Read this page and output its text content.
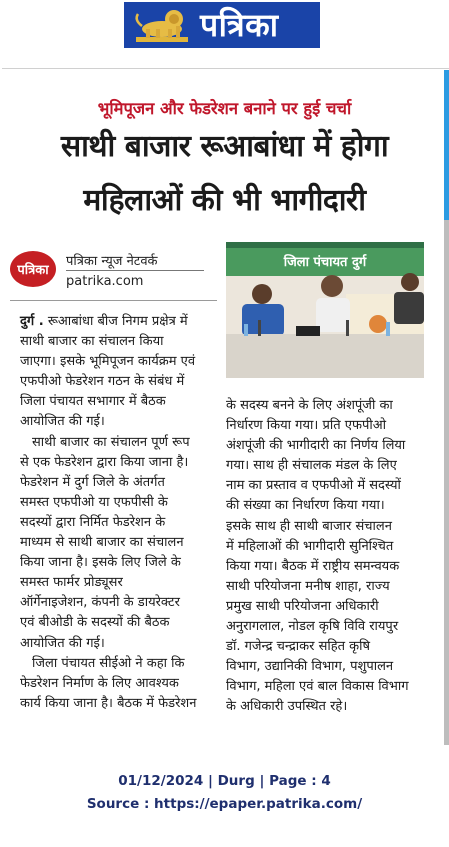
पत्रिका
भूमिपूजन और फेडरेशन बनाने पर हुई चर्चा
साथी बाजार रूआबांधा में होगा
महिलाओं की भी भागीदारी
पत्रिका
पत्रिका न्यूज नेटवर्क
patrika.com
जिला पंचायत दुर्ग

दुर्ग . रूआबांधा बीज निगम प्रक्षेत्र में

साथी बाजार का संचालन किया

जाएगा। इसके भूमिपूजन कार्यक्रम एवं

एफपीओ फेडरेशन गठन के संबंध में

जिला पंचायत सभागार में बैठक

आयोजित की गई।

साथी बाजार का संचालन पूर्ण रूप

से एक फेडरेशन द्वारा किया जाना है।

फेडरेशन में दुर्ग जिले के अंतर्गत

समस्त एफपीओ या एफपीसी के

सदस्यों द्वारा निर्मित फेडरेशन के

माध्यम से साथी बाजार का संचालन

किया जाना है। इसके लिए जिले के

समस्त फार्मर प्रोड्यूसर

ऑर्गेनाइजेशन, कंपनी के डायरेक्टर

एवं बीओडी के सदस्यों की बैठक

आयोजित की गई।

जिला पंचायत सीईओ ने कहा कि

फेडरेशन निर्माण के लिए आवश्यक

कार्य किया जाना है। बैठक में फेडरेशन

के सदस्य बनने के लिए अंशपूंजी का

निर्धारण किया गया। प्रति एफपीओ

अंशपूंजी की भागीदारी का निर्णय लिया

गया। साथ ही संचालक मंडल के लिए

नाम का प्रस्ताव व एफपीओ में सदस्यों

की संख्या का निर्धारण किया गया।

इसके साथ ही साथी बाजार संचालन

में महिलाओं की भागीदारी सुनिश्चित

किया गया। बैठक में राष्ट्रीय समन्वयक

साथी परियोजना मनीष शाहा, राज्य

प्रमुख साथी परियोजना अधिकारी

अनुरागलाल, नोडल कृषि विवि रायपुर

डॉ. गजेन्द्र चन्द्राकर सहित कृषि

विभाग, उद्यानिकी विभाग, पशुपालन

विभाग, महिला एवं बाल विकास विभाग

के अधिकारी उपस्थित रहे।

01/12/2024 | Durg | Page : 4
Source : https://epaper.patrika.com/
